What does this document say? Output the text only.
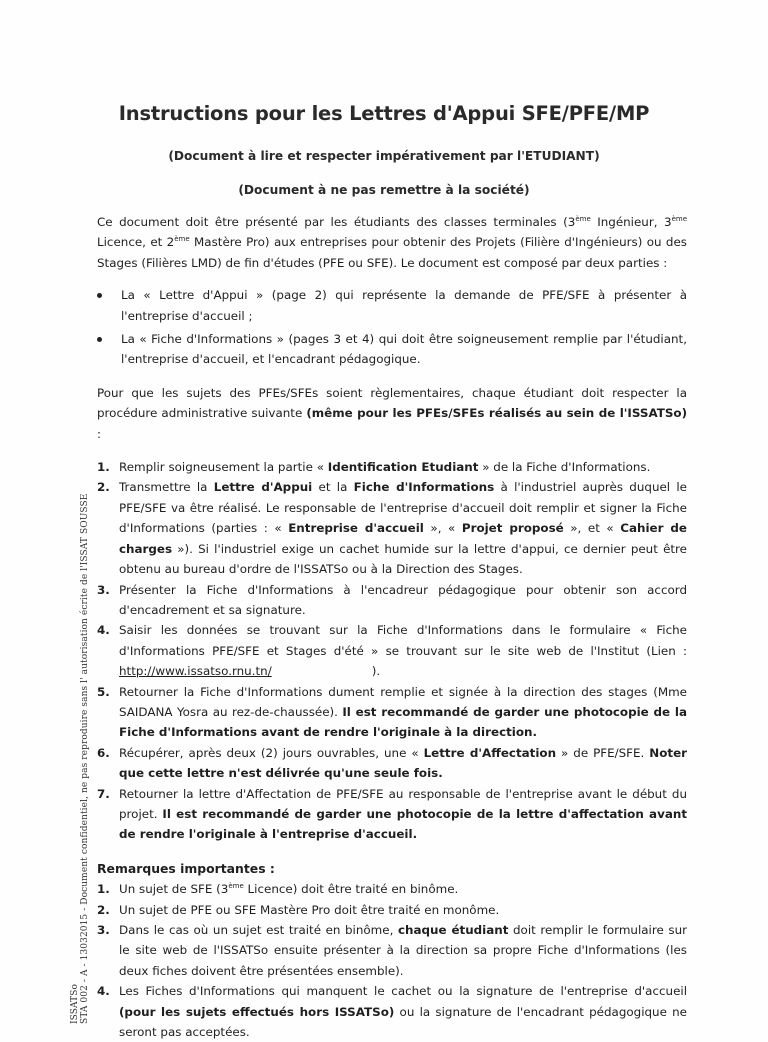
Instructions pour les Lettres d'Appui SFE/PFE/MP
(Document à lire et respecter impérativement par l'ETUDIANT)
(Document à ne pas remettre à la société)

Ce document doit être présenté par les étudiants des classes terminales (3ème Ingénieur, 3ème Licence, et 2ème Mastère Pro) aux entreprises pour obtenir des Projets (Filière d'Ingénieurs) ou des Stages (Filières LMD) de fin d'études (PFE ou SFE). Le document est composé par deux parties :

La « Lettre d'Appui » (page 2) qui représente la demande de PFE/SFE à présenter à l'entreprise d'accueil ;
La « Fiche d'Informations » (pages 3 et 4) qui doit être soigneusement remplie par l'étudiant, l'entreprise d'accueil, et l'encadrant pédagogique.

Pour que les sujets des PFEs/SFEs soient règlementaires, chaque étudiant doit respecter la procédure administrative suivante (même pour les PFEs/SFEs réalisés au sein de l'ISSATSo) :

1. Remplir soigneusement la partie « Identification Etudiant » de la Fiche d'Informations.
2. Transmettre la Lettre d'Appui et la Fiche d'Informations à l'industriel auprès duquel le PFE/SFE va être réalisé. Le responsable de l'entreprise d'accueil doit remplir et signer la Fiche d'Informations (parties : « Entreprise d'accueil », « Projet proposé », et « Cahier de charges »). Si l'industriel exige un cachet humide sur la lettre d'appui, ce dernier peut être obtenu au bureau d'ordre de l'ISSATSo ou à la Direction des Stages.
3. Présenter la Fiche d'Informations à l'encadreur pédagogique pour obtenir son accord d'encadrement et sa signature.
4. Saisir les données se trouvant sur la Fiche d'Informations dans le formulaire « Fiche d'Informations PFE/SFE et Stages d'été » se trouvant sur le site web de l'Institut (Lien : http://www.issatso.rnu.tn/	).
5. Retourner la Fiche d'Informations dument remplie et signée à la direction des stages (Mme SAIDANA Yosra au rez-de-chaussée). Il est recommandé de garder une photocopie de la Fiche d'Informations avant de rendre l'originale à la direction.
6. Récupérer, après deux (2) jours ouvrables, une « Lettre d'Affectation » de PFE/SFE. Noter que cette lettre n'est délivrée qu'une seule fois.
7. Retourner la lettre d'Affectation de PFE/SFE au responsable de l'entreprise avant le début du projet. Il est recommandé de garder une photocopie de la lettre d'affectation avant de rendre l'originale à l'entreprise d'accueil.

Remarques importantes :

1. Un sujet de SFE (3ème Licence) doit être traité en binôme.
2. Un sujet de PFE ou SFE Mastère Pro doit être traité en monôme.
3. Dans le cas où un sujet est traité en binôme, chaque étudiant doit remplir le formulaire sur le site web de l'ISSATSo ensuite présenter à la direction sa propre Fiche d'Informations (les deux fiches doivent être présentées ensemble).
4. Les Fiches d'Informations qui manquent le cachet ou la signature de l'entreprise d'accueil (pour les sujets effectués hors ISSATSo) ou la signature de l'encadrant pédagogique ne seront pas acceptées.
ISSATSo STA 002 - A - 13032015 - Document confidentiel, ne pas reproduire sans l' autorisation écrite de l'ISSAT SOUSSE
